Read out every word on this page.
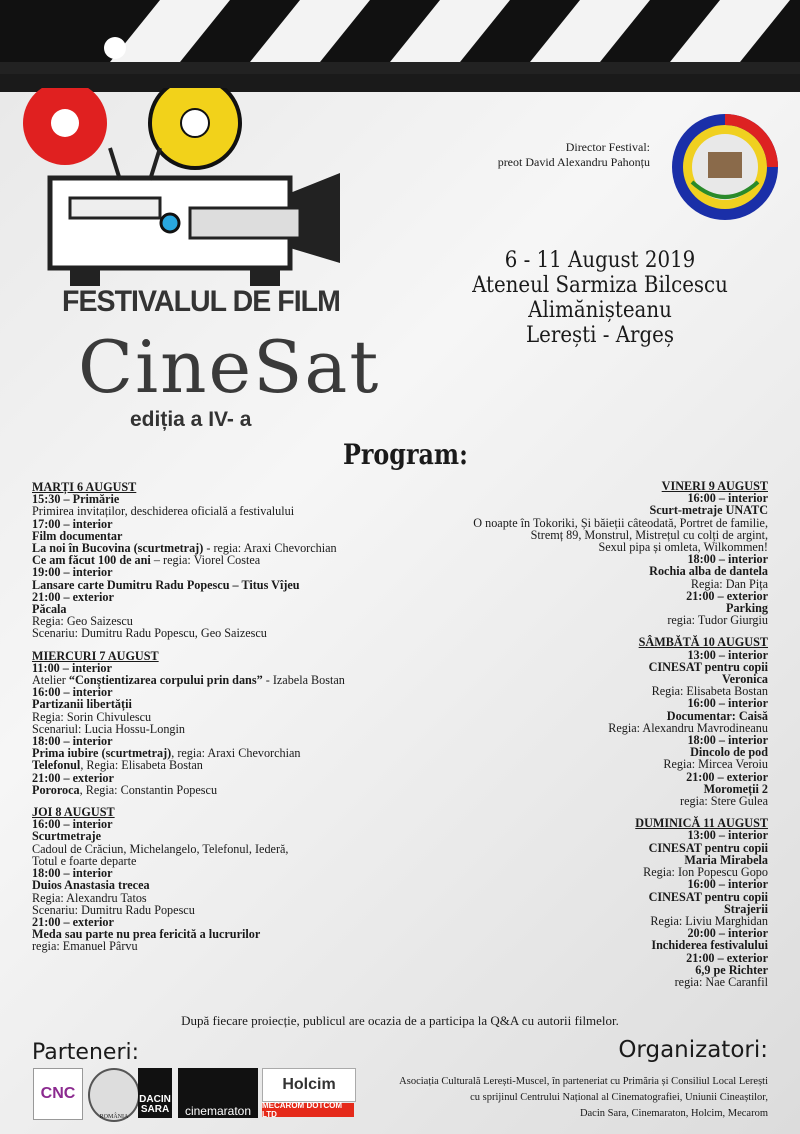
FESTIVALUL DE FILM
CineSat
ediția a IV- a
Director Festival:
preot David Alexandru Pahonțu
6 - 11 August 2019
Ateneul Sarmiza Bilcescu Alimănișteanu
Lerești - Argeș
Program:
MARȚI 6 AUGUST
15:30 – Primărie
Primirea invitaților, deschiderea oficială a festivalului
17:00 – interior
Film documentar
La noi în Bucovina (scurtmetraj) - regia: Araxi Chevorchian
Ce am făcut 100 de ani – regia: Viorel Costea
19:00 – interior
Lansare carte Dumitru Radu Popescu – Titus Vîjeu
21:00 – exterior
Păcala
Regia: Geo Saizescu
Scenariu: Dumitru Radu Popescu, Geo Saizescu
MIERCURI 7 AUGUST
11:00 – interior
Atelier “Conștientizarea corpului prin dans” - Izabela Bostan
16:00 – interior
Partizanii libertății
Regia: Sorin Chivulescu
Scenariul: Lucia Hossu-Longin
18:00 – interior
Prima iubire (scurtmetraj), regia: Araxi Chevorchian
Telefonul, Regia: Elisabeta Bostan
21:00 – exterior
Pororoca, Regia: Constantin Popescu
JOI 8 AUGUST
16:00 – interior
Scurtmetraje
Cadoul de Crăciun, Michelangelo, Telefonul, Iederă,
Totul e foarte departe
18:00 – interior
Duios Anastasia trecea
Regia: Alexandru Tatos
Scenariu: Dumitru Radu Popescu
21:00 – exterior
Meda sau parte nu prea fericită a lucrurilor
regia: Emanuel Pârvu
VINERI 9 AUGUST
16:00 – interior
Scurt-metraje UNATC
O noapte în Tokoriki, Și băieții câteodată, Portret de familie,
Stremț 89, Monstrul, Mistrețul cu colți de argint,
Sexul pipa și omleta, Wilkommen!
18:00 – interior
Rochia alba de dantela
Regia: Dan Pița
21:00 – exterior
Parking
regia: Tudor Giurgiu
SÂMBĂTĂ 10 AUGUST
13:00 – interior
CINESAT pentru copii
Veronica
Regia: Elisabeta Bostan
16:00 – interior
Documentar: Caisă
Regia: Alexandru Mavrodineanu
18:00 – interior
Dincolo de pod
Regia: Mircea Veroiu
21:00 – exterior
Moromeții 2
regia: Stere Gulea
DUMINICĂ 11 AUGUST
13:00 – interior
CINESAT pentru copii
Maria Mirabela
Regia: Ion Popescu Gopo
16:00 – interior
CINESAT pentru copii
Strajerii
Regia: Liviu Marghidan
20:00 – interior
Inchiderea festivalului
21:00 – exterior
6,9 pe Richter
regia: Nae Caranfil
După fiecare proiecție, publicul are ocazia de a participa la Q&A cu autorii filmelor.
Parteneri:	Organizatori:
Asociația Culturală Lerești-Muscel, în parteneriat cu Primăria și Consiliul Local Lerești
cu sprijinul Centrului Național al Cinematografiei, Uniunii Cineaștilor,
Dacin Sara, Cinemaraton, Holcim, Mecarom
CNC
ROMÂNIA
DACIN SARA cinemaraton
Holcim
MECAROM DOTCOM LTD
